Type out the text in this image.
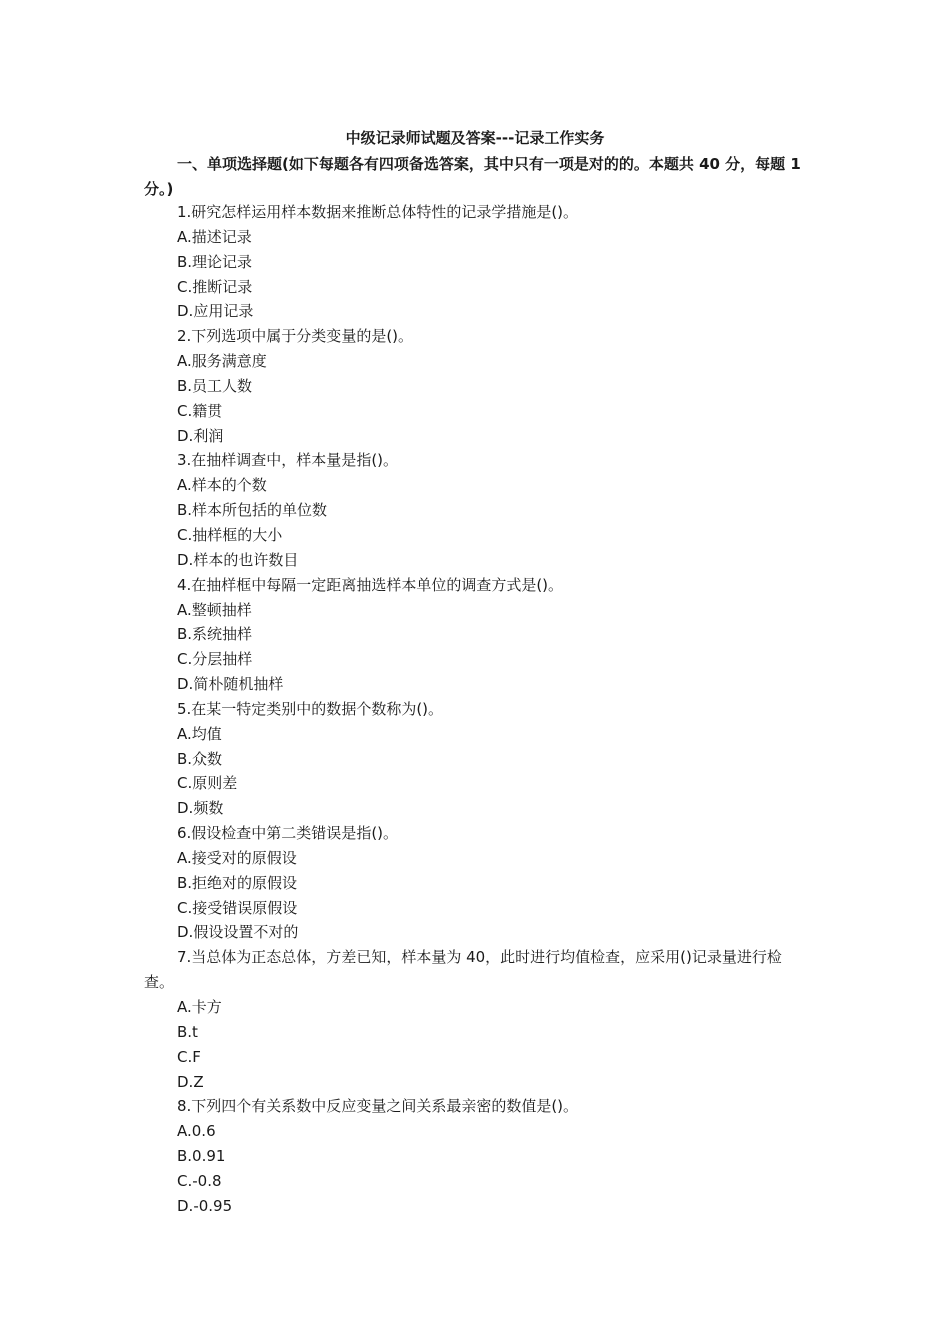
中级记录师试题及答案---记录工作实务

一、单项选择题(如下每题各有四项备选答案，其中只有一项是对的的。本题共 40 分，每题 1 分。)

1.研究怎样运用样本数据来推断总体特性的记录学措施是()。
A.描述记录
B.理论记录
C.推断记录
D.应用记录
2.下列选项中属于分类变量的是()。
A.服务满意度
B.员工人数
C.籍贯
D.利润
3.在抽样调查中，样本量是指()。
A.样本的个数
B.样本所包括的单位数
C.抽样框的大小
D.样本的也许数目
4.在抽样框中每隔一定距离抽选样本单位的调查方式是()。
A.整顿抽样
B.系统抽样
C.分层抽样
D.简朴随机抽样
5.在某一特定类别中的数据个数称为()。
A.均值
B.众数
C.原则差
D.频数
6.假设检查中第二类错误是指()。
A.接受对的原假设
B.拒绝对的原假设
C.接受错误原假设
D.假设设置不对的
7.当总体为正态总体，方差已知，样本量为 40，此时进行均值检查，应采用()记录量进行检查。
A.卡方
B.t
C.F
D.Z
8.下列四个有关系数中反应变量之间关系最亲密的数值是()。
A.0.6
B.0.91
C.-0.8
D.-0.95
